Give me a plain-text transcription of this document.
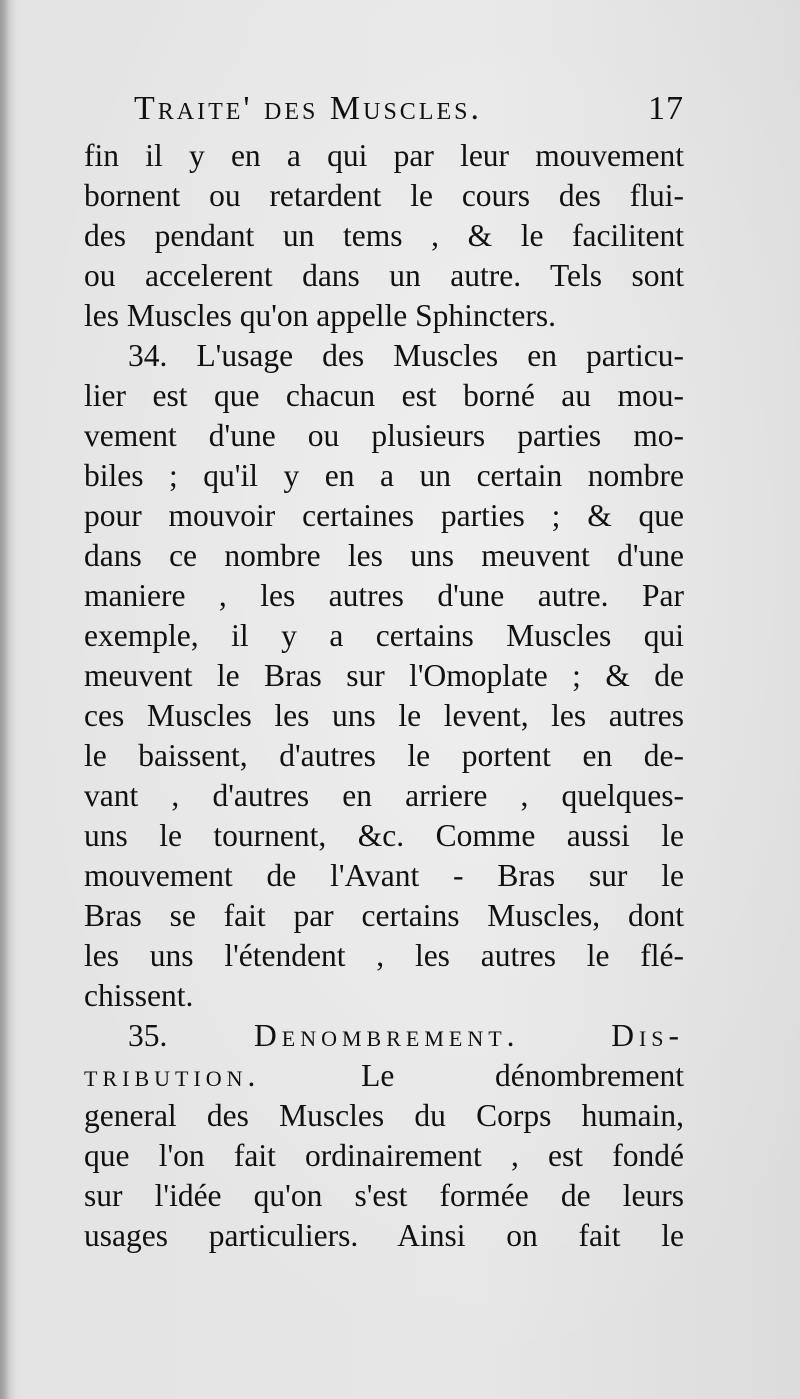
Traite' des Muscles.	17
fin il y en a qui par leur mouvement
bornent ou retardent le cours des flui-
des pendant un tems , & le facilitent
ou accelerent dans un autre. Tels sont
les Muscles qu'on appelle Sphincters.
34. L'usage des Muscles en particu-
lier est que chacun est borné au mou-
vement d'une ou plusieurs parties mo-
biles ; qu'il y en a un certain nombre
pour mouvoir certaines parties ; & que
dans ce nombre les uns meuvent d'une
maniere , les autres d'une autre. Par
exemple, il y a certains Muscles qui
meuvent le Bras sur l'Omoplate ; & de
ces Muscles les uns le levent, les autres
le baissent, d'autres le portent en de-
vant , d'autres en arriere , quelques-
uns le tournent, &c. Comme aussi le
mouvement de l'Avant - Bras sur le
Bras se fait par certains Muscles, dont
les uns l'étendent , les autres le flé-
chissent.
35.	Denombrement. Dis-
tribution.	Le dénombrement
general des Muscles du Corps humain,
que l'on fait ordinairement , est fondé
sur l'idée qu'on s'est formée de leurs
usages particuliers. Ainsi on fait le
